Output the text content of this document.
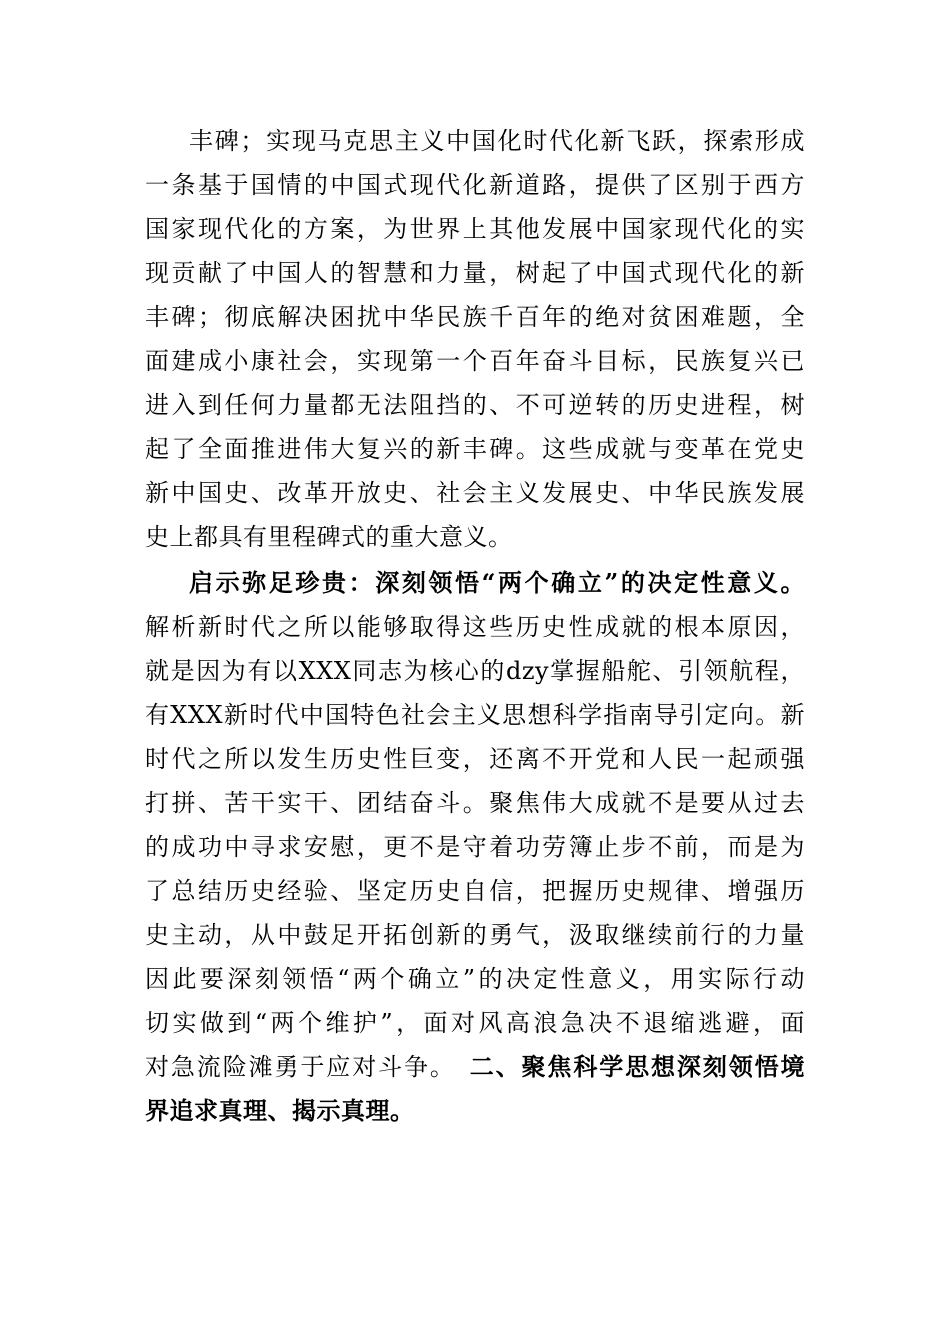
丰碑；实现马克思主义中国化时代化新飞跃，探索形成
一条基于国情的中国式现代化新道路，提供了区别于西方
国家现代化的方案，为世界上其他发展中国家现代化的实
现贡献了中国人的智慧和力量，树起了中国式现代化的新
丰碑；彻底解决困扰中华民族千百年的绝对贫困难题，全
面建成小康社会，实现第一个百年奋斗目标，民族复兴已
进入到任何力量都无法阻挡的、不可逆转的历史进程，树
起了全面推进伟大复兴的新丰碑。这些成就与变革在党史
新中国史、改革开放史、社会主义发展史、中华民族发展
史上都具有里程碑式的重大意义。
启示弥足珍贵：深刻领悟“两个确立”的决定性意义。
解析新时代之所以能够取得这些历史性成就的根本原因，
就是因为有以XXX同志为核心的dzy掌握船舵、引领航程，
有XXX新时代中国特色社会主义思想科学指南导引定向。新
时代之所以发生历史性巨变，还离不开党和人民一起顽强
打拼、苦干实干、团结奋斗。聚焦伟大成就不是要从过去
的成功中寻求安慰，更不是守着功劳簿止步不前，而是为
了总结历史经验、坚定历史自信，把握历史规律、增强历
史主动，从中鼓足开拓创新的勇气，汲取继续前行的力量
因此要深刻领悟“两个确立”的决定性意义，用实际行动
切实做到“两个维护”，面对风高浪急决不退缩逃避，面
对急流险滩勇于应对斗争。　 二、聚焦科学思想深刻领悟境
界追求真理、揭示真理。
